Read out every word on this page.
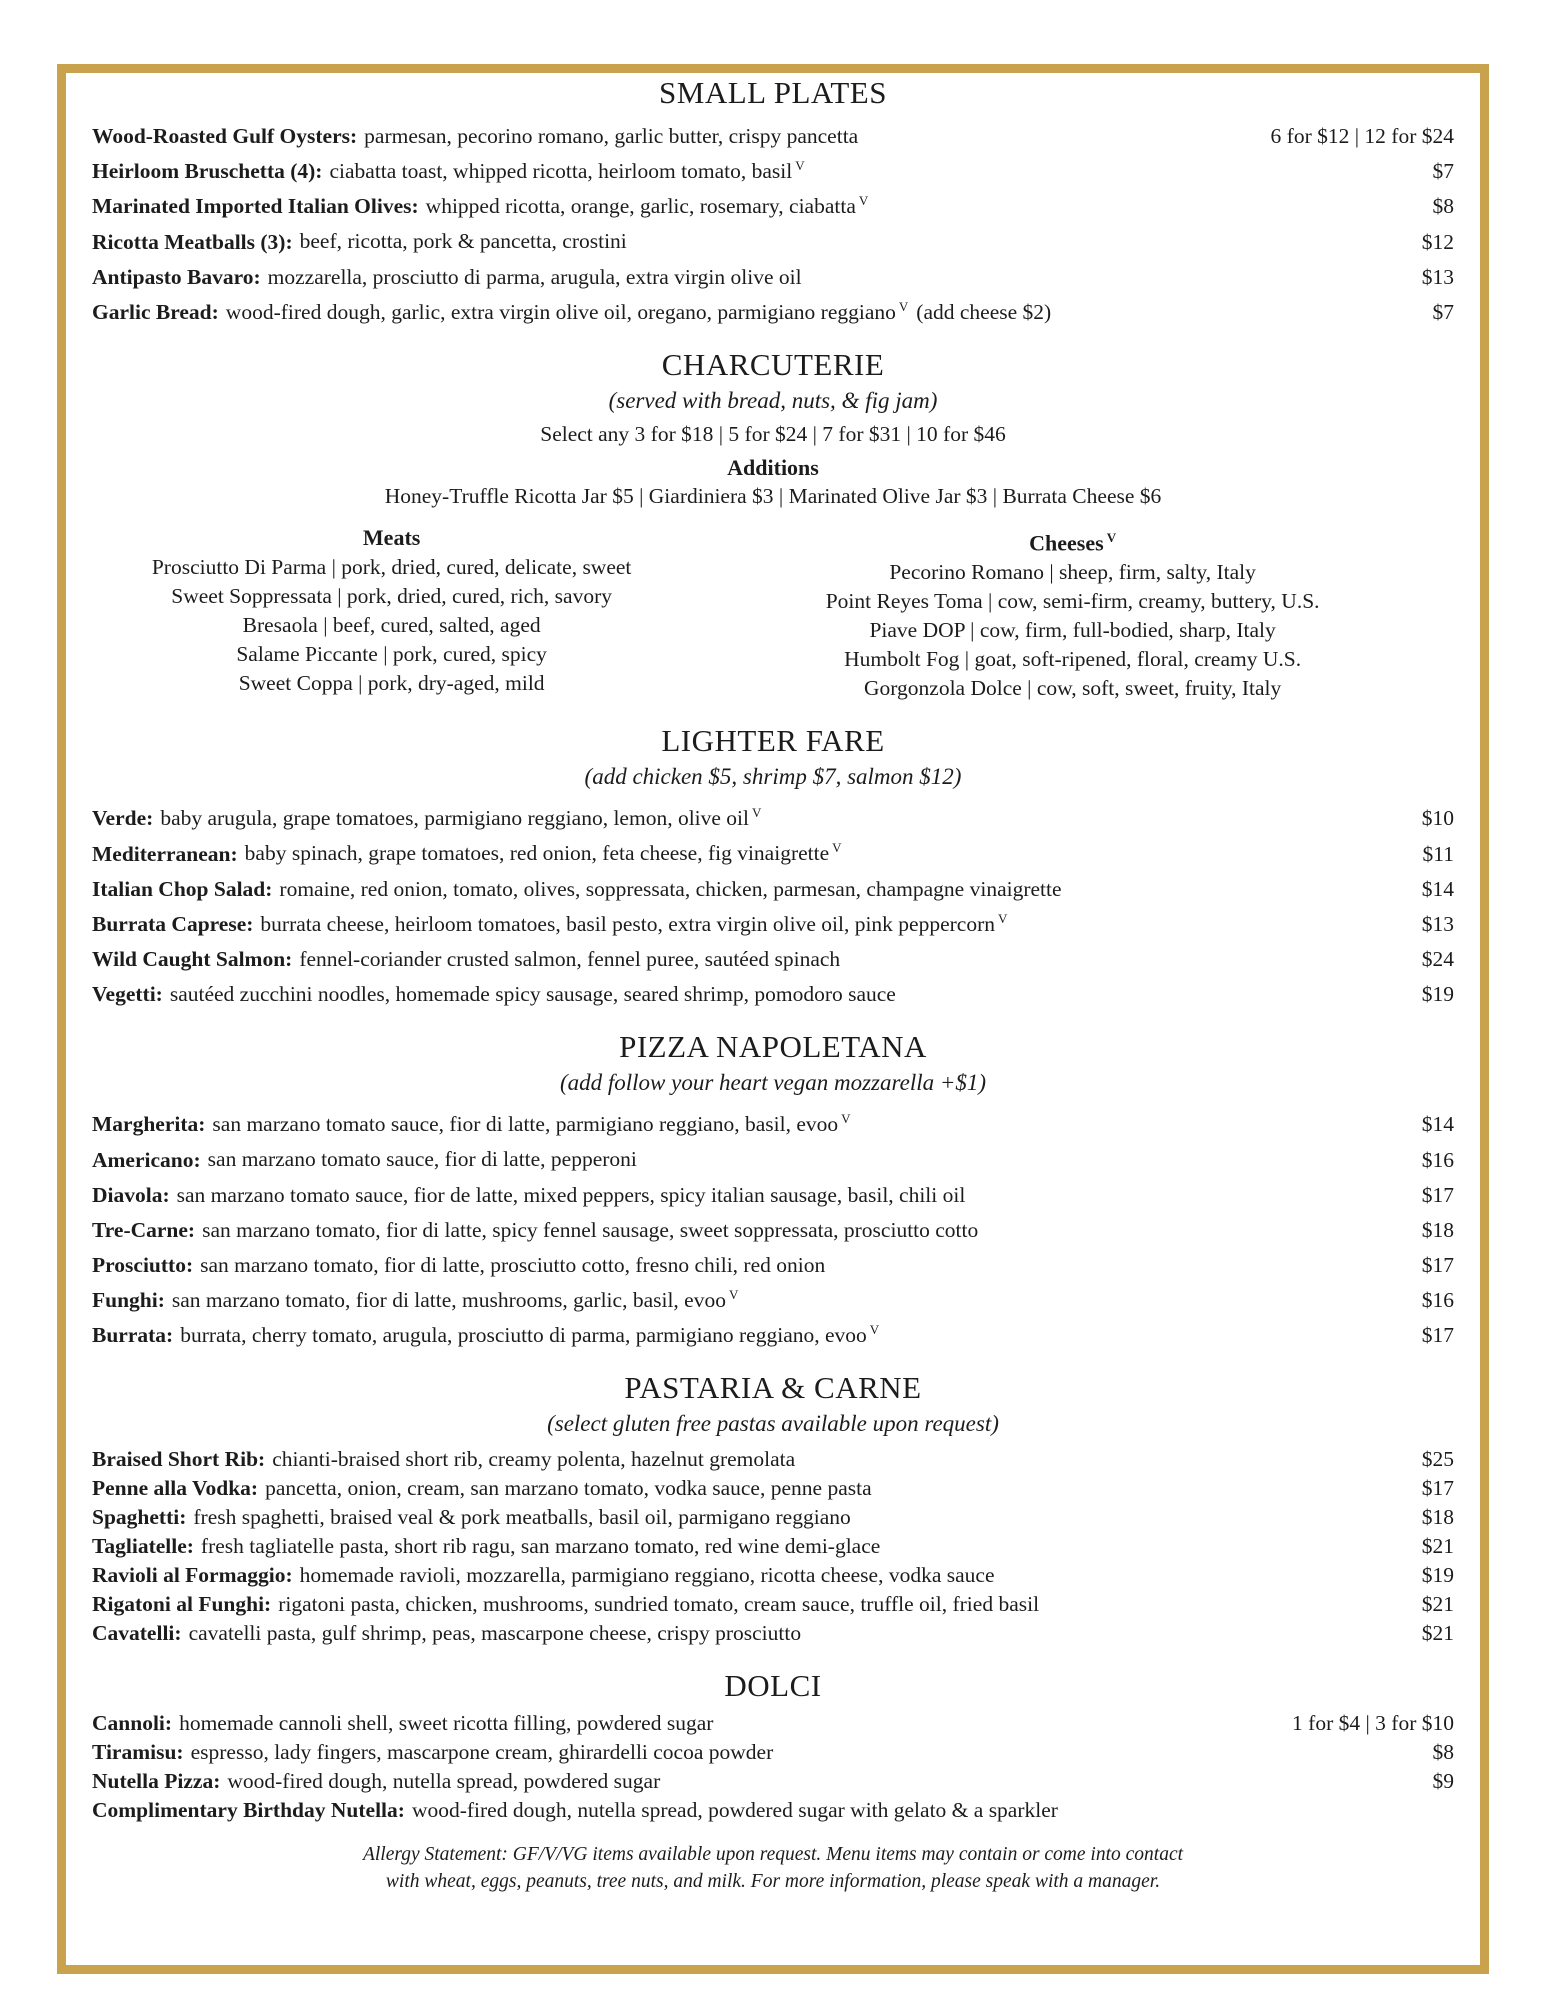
SMALL PLATES
Wood-Roasted Gulf Oysters: parmesan, pecorino romano, garlic butter, crispy pancetta	6 for $12 | 12 for $24
Heirloom Bruschetta (4): ciabatta toast, whipped ricotta, heirloom tomato, basil $^V$	$7
Marinated Imported Italian Olives: whipped ricotta, orange, garlic, rosemary, ciabatta $^V$	$8
Ricotta Meatballs (3): beef, ricotta, pork & pancetta, crostini	$12
Antipasto Bavaro: mozzarella, prosciutto di parma, arugula, extra virgin olive oil	$13
Garlic Bread: wood-fired dough, garlic, extra virgin olive oil, oregano, parmigiano reggiano $^V$ (add cheese $2)	$7
CHARCUTERIE

(served with bread, nuts, & fig jam)

Select any 3 for $18 | 5 for $24 | 7 for $31 | 10 for $46

Additions

Honey-Truffle Ricotta Jar $5 | Giardiniera $3 | Marinated Olive Jar $3 | Burrata Cheese $6

Meats

Prosciutto Di Parma | pork, dried, cured, delicate, sweet

Sweet Soppressata | pork, dried, cured, rich, savory

Bresaola | beef, cured, salted, aged

Salame Piccante | pork, cured, spicy

Sweet Coppa | pork, dry-aged, mild

Cheeses $^V$

Pecorino Romano | sheep, firm, salty, Italy

Point Reyes Toma | cow, semi-firm, creamy, buttery, U.S.

Piave DOP | cow, firm, full-bodied, sharp, Italy

Humbolt Fog | goat, soft-ripened, floral, creamy U.S.

Gorgonzola Dolce | cow, soft, sweet, fruity, Italy

LIGHTER FARE

(add chicken $5, shrimp $7, salmon $12)

Verde: baby arugula, grape tomatoes, parmigiano reggiano, lemon, olive oil $^V$	$10
Mediterranean: baby spinach, grape tomatoes, red onion, feta cheese, fig vinaigrette $^V$	$11
Italian Chop Salad: romaine, red onion, tomato, olives, soppressata, chicken, parmesan, champagne vinaigrette	$14
Burrata Caprese: burrata cheese, heirloom tomatoes, basil pesto, extra virgin olive oil, pink peppercorn $^V$	$13
Wild Caught Salmon: fennel-coriander crusted salmon, fennel puree, sautéed spinach	$24
Vegetti: sautéed zucchini noodles, homemade spicy sausage, seared shrimp, pomodoro sauce	$19
PIZZA NAPOLETANA

(add follow your heart vegan mozzarella +$1)

Margherita: san marzano tomato sauce, fior di latte, parmigiano reggiano, basil, evoo $^V$	$14
Americano: san marzano tomato sauce, fior di latte, pepperoni	$16
Diavola: san marzano tomato sauce, fior de latte, mixed peppers, spicy italian sausage, basil, chili oil	$17
Tre-Carne: san marzano tomato, fior di latte, spicy fennel sausage, sweet soppressata, prosciutto cotto	$18
Prosciutto: san marzano tomato, fior di latte, prosciutto cotto, fresno chili, red onion	$17
Funghi: san marzano tomato, fior di latte, mushrooms, garlic, basil, evoo $^V$	$16
Burrata: burrata, cherry tomato, arugula, prosciutto di parma, parmigiano reggiano, evoo $^V$	$17
PASTARIA & CARNE

(select gluten free pastas available upon request)

Braised Short Rib: chianti-braised short rib, creamy polenta, hazelnut gremolata	$25
Penne alla Vodka: pancetta, onion, cream, san marzano tomato, vodka sauce, penne pasta	$17
Spaghetti: fresh spaghetti, braised veal & pork meatballs, basil oil, parmigano reggiano	$18
Tagliatelle: fresh tagliatelle pasta, short rib ragu, san marzano tomato, red wine demi-glace	$21
Ravioli al Formaggio: homemade ravioli, mozzarella, parmigiano reggiano, ricotta cheese, vodka sauce	$19
Rigatoni al Funghi: rigatoni pasta, chicken, mushrooms, sundried tomato, cream sauce, truffle oil, fried basil	$21
Cavatelli: cavatelli pasta, gulf shrimp, peas, mascarpone cheese, crispy prosciutto	$21
DOLCI
Cannoli: homemade cannoli shell, sweet ricotta filling, powdered sugar	1 for $4 | 3 for $10
Tiramisu: espresso, lady fingers, mascarpone cream, ghirardelli cocoa powder	$8
Nutella Pizza: wood-fired dough, nutella spread, powdered sugar	$9
Complimentary Birthday Nutella: wood-fired dough, nutella spread, powdered sugar with gelato & a sparkler

Allergy Statement: GF/V/VG items available upon request. Menu items may contain or come into contact

with wheat, eggs, peanuts, tree nuts, and milk. For more information, please speak with a manager.
